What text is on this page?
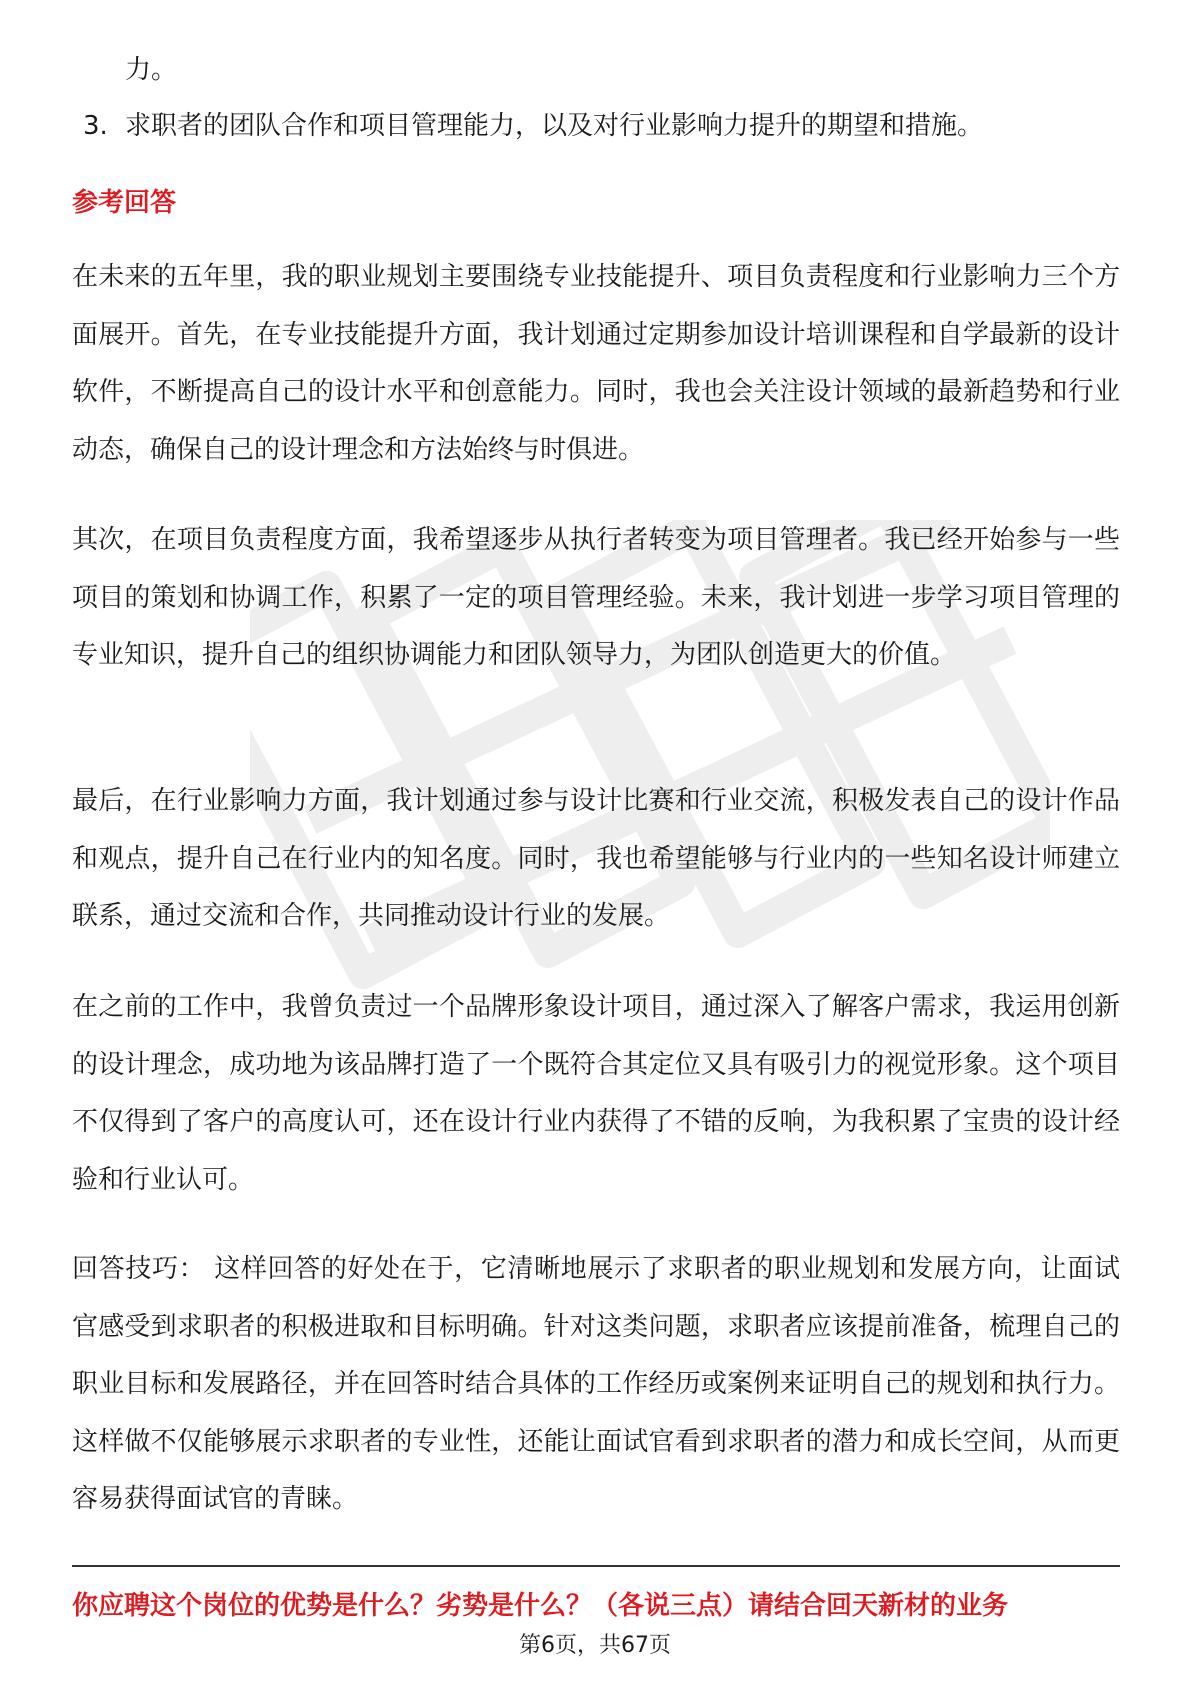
力。

3. 求职者的团队合作和项目管理能力，以及对行业影响力提升的期望和措施。
参考回答

在未来的五年里，我的职业规划主要围绕专业技能提升、项目负责程度和行业影响力三个方面展开。首先，在专业技能提升方面，我计划通过定期参加设计培训课程和自学最新的设计软件，不断提高自己的设计水平和创意能力。同时，我也会关注设计领域的最新趋势和行业动态，确保自己的设计理念和方法始终与时俱进。

其次，在项目负责程度方面，我希望逐步从执行者转变为项目管理者。我已经开始参与一些项目的策划和协调工作，积累了一定的项目管理经验。未来，我计划进一步学习项目管理的专业知识，提升自己的组织协调能力和团队领导力，为团队创造更大的价值。

最后，在行业影响力方面，我计划通过参与设计比赛和行业交流，积极发表自己的设计作品和观点，提升自己在行业内的知名度。同时，我也希望能够与行业内的一些知名设计师建立联系，通过交流和合作，共同推动设计行业的发展。

在之前的工作中，我曾负责过一个品牌形象设计项目，通过深入了解客户需求，我运用创新的设计理念，成功地为该品牌打造了一个既符合其定位又具有吸引力的视觉形象。这个项目不仅得到了客户的高度认可，还在设计行业内获得了不错的反响，为我积累了宝贵的设计经验和行业认可。

回答技巧： 这样回答的好处在于，它清晰地展示了求职者的职业规划和发展方向，让面试官感受到求职者的积极进取和目标明确。针对这类问题，求职者应该提前准备，梳理自己的职业目标和发展路径，并在回答时结合具体的工作经历或案例来证明自己的规划和执行力。这样做不仅能够展示求职者的专业性，还能让面试官看到求职者的潜力和成长空间，从而更容易获得面试官的青睐。

你应聘这个岗位的优势是什么？劣势是什么？（各说三点）请结合回天新材的业务

第6页，共67页
